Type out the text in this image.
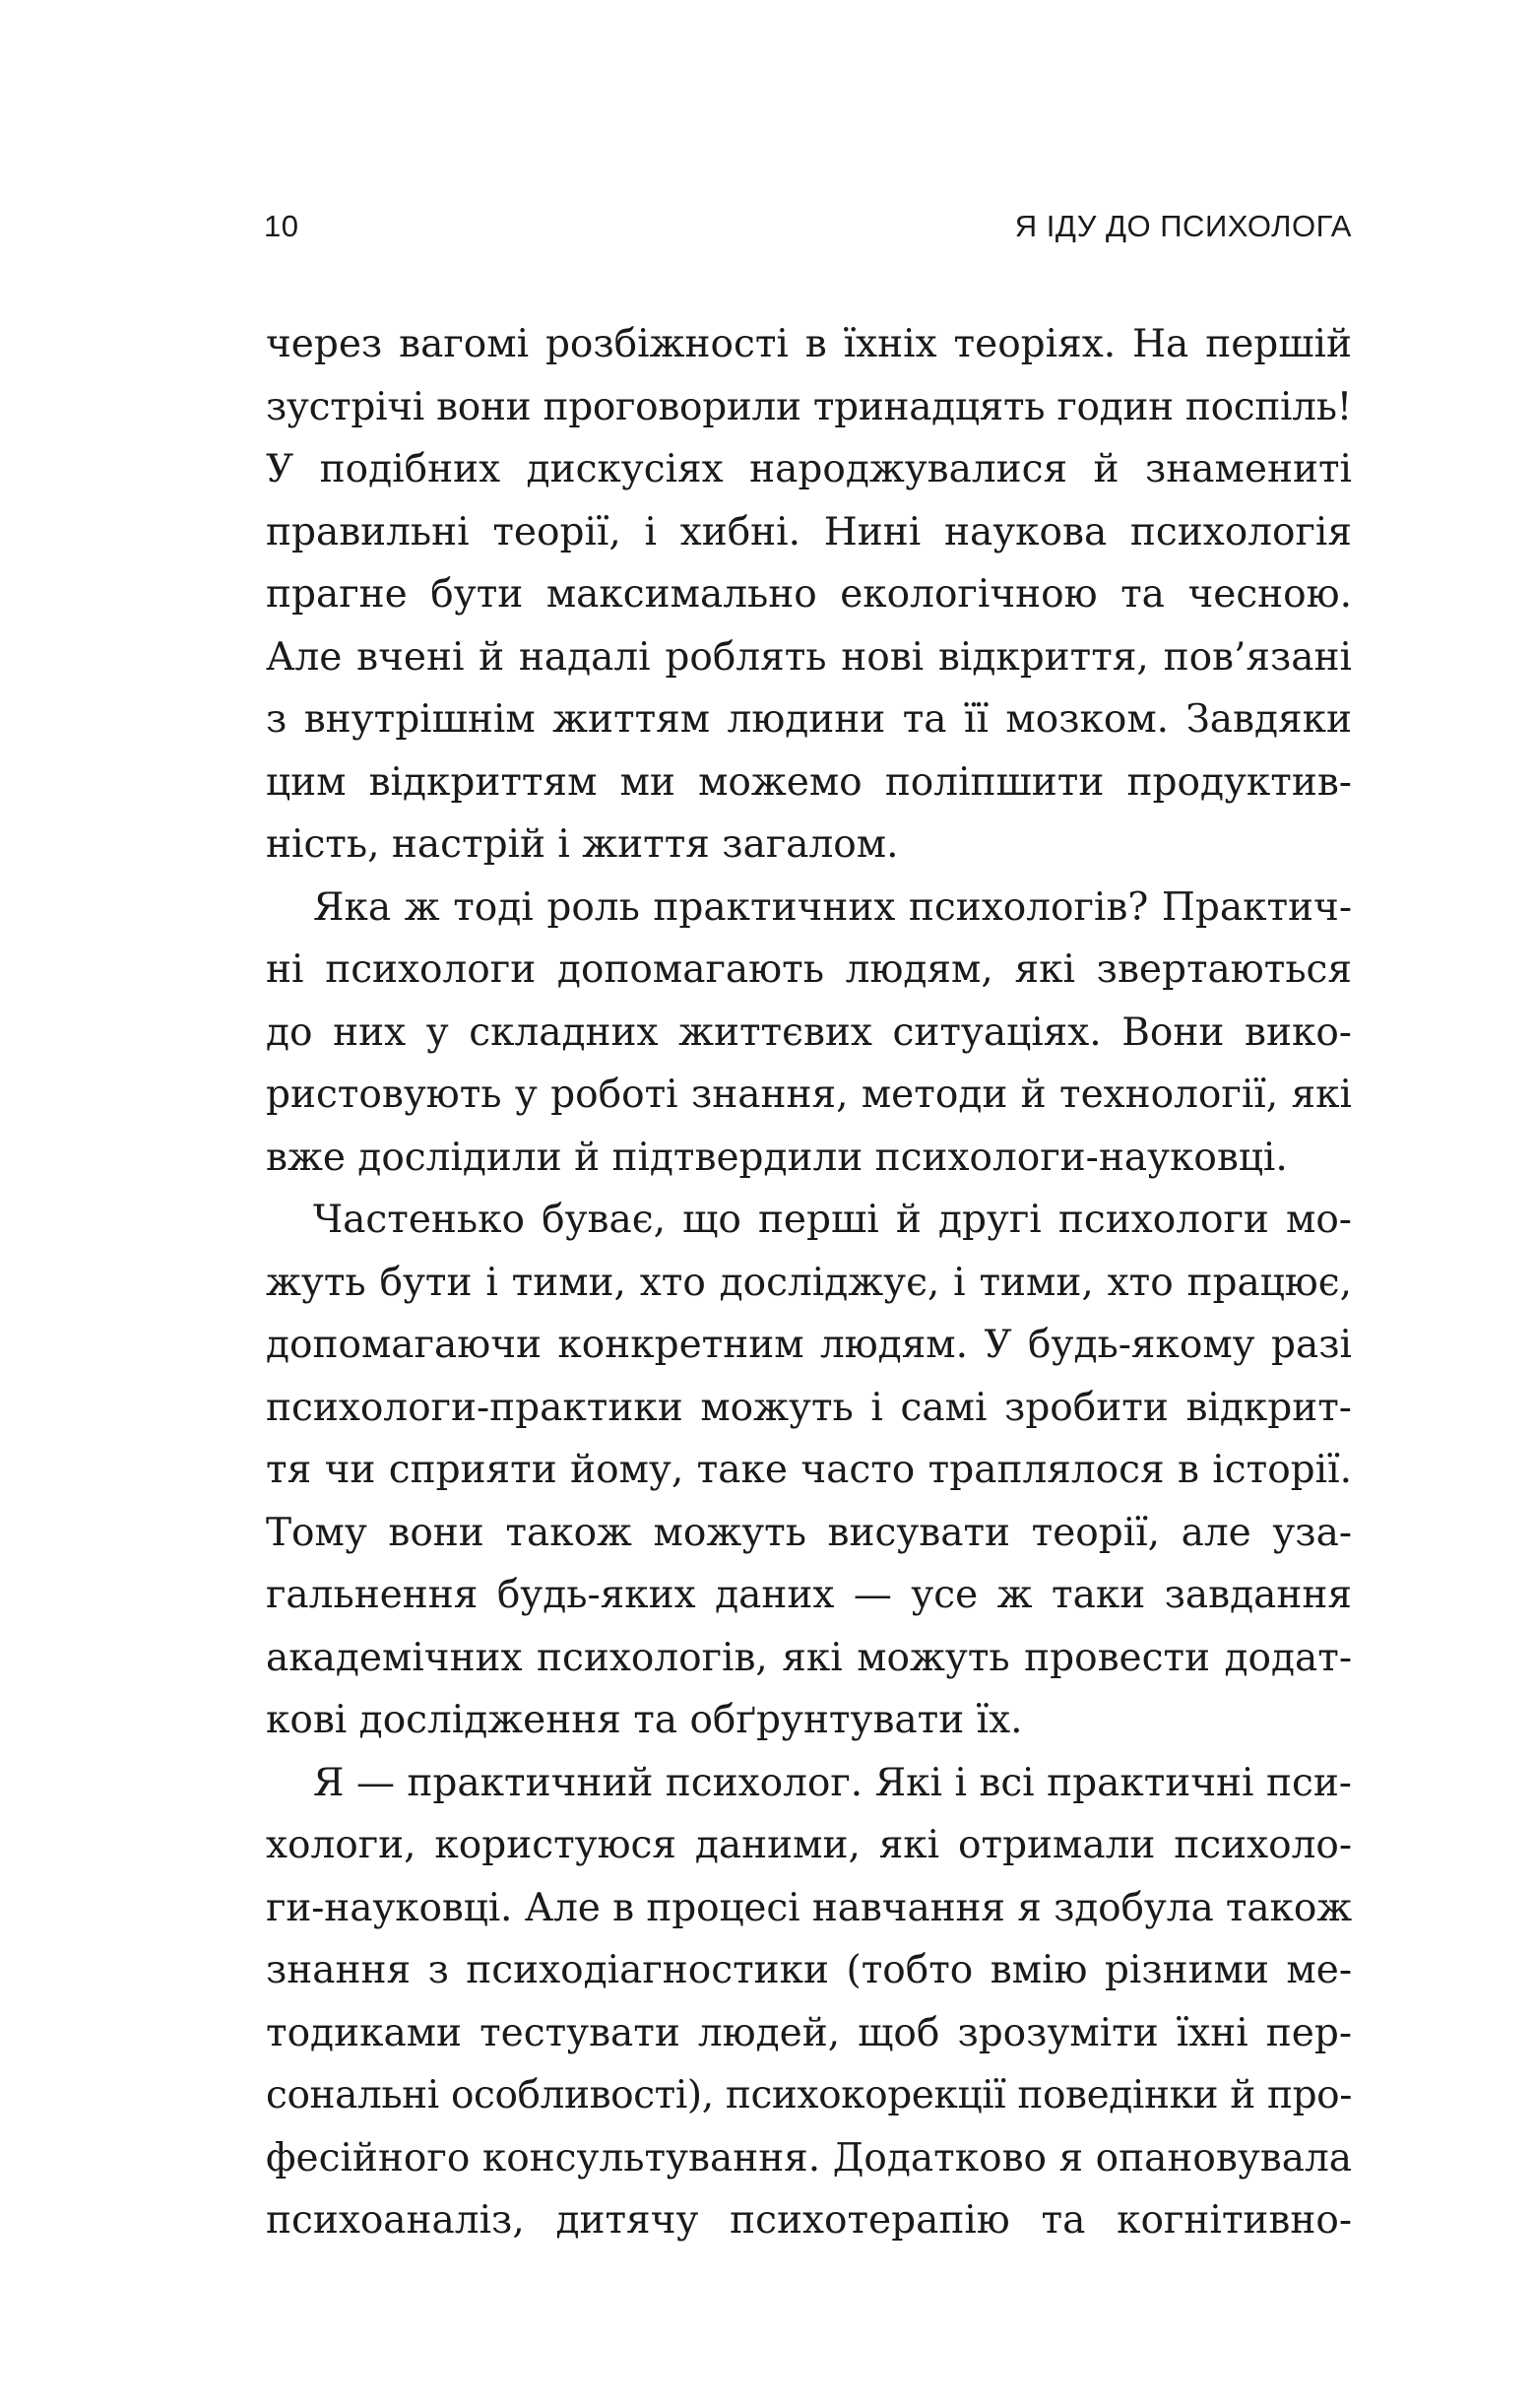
10	Я ІДУ ДО ПСИХОЛОГА
через вагомі розбіжності в їхніх теоріях. На першій
зустрічі вони проговорили тринадцять годин поспіль!
У подібних дискусіях народжувалися й знамениті
правильні теорії, і хибні. Нині наукова психологія
прагне бути максимально екологічною та чесною.
Але вчені й надалі роблять нові відкриття, пов’язані
з внутрішнім життям людини та її мозком. Завдяки
цим відкриттям ми можемо поліпшити продуктив-
ність, настрій і життя загалом.
Яка ж тоді роль практичних психологів? Практич-
ні психологи допомагають людям, які звертаються
до них у складних життєвих ситуаціях. Вони вико-
ристовують у роботі знання, методи й технології, які
вже дослідили й підтвердили психологи-науковці.
Частенько буває, що перші й другі психологи мо-
жуть бути і тими, хто досліджує, і тими, хто працює,
допомагаючи конкретним людям. У будь-якому разі
психологи-практики можуть і самі зробити відкрит-
тя чи сприяти йому, таке часто траплялося в історії.
Тому вони також можуть висувати теорії, але уза-
гальнення будь-яких даних — усе ж таки завдання
академічних психологів, які можуть провести додат-
кові дослідження та обґрунтувати їх.
Я — практичний психолог. Які і всі практичні пси-
хологи, користуюся даними, які отримали психоло-
ги-науковці. Але в процесі навчання я здобула також
знання з психодіагностики (тобто вмію різними ме-
тодиками тестувати людей, щоб зрозуміти їхні пер-
сональні особливості), психокорекції поведінки й про-
фесійного консультування. Додатково я опановувала
психоаналіз, дитячу психотерапію та когнітивно-
